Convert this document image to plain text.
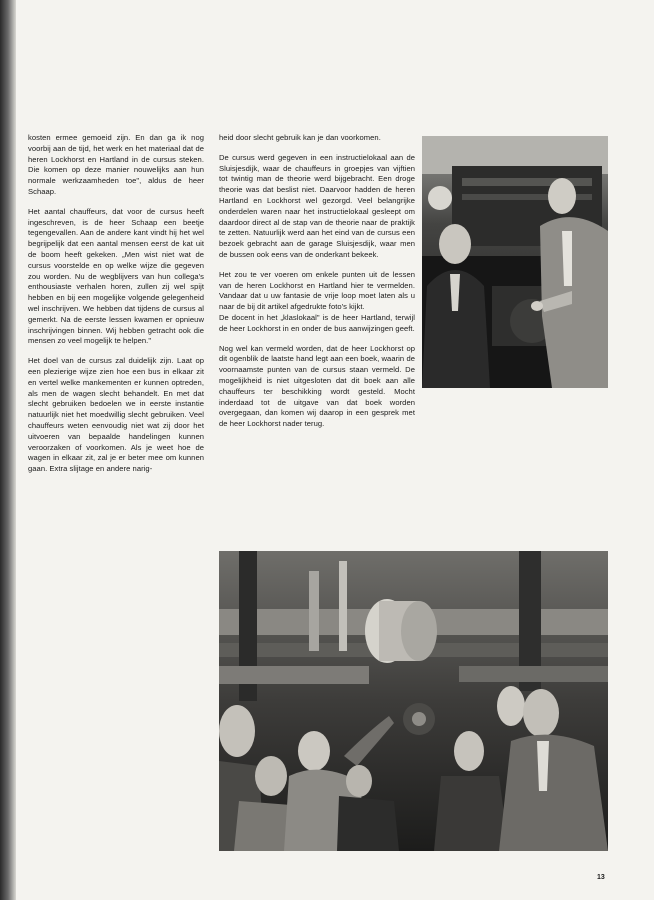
kosten ermee gemoeid zijn. En dan ga ik nog voorbij aan de tijd, het werk en het materiaal dat de heren Lockhorst en Hartland in de cursus steken. Die komen op deze manier nouwelijks aan hun normale werkzaamheden toe", aldus de heer Schaap.

Het aantal chauffeurs, dat voor de cursus heeft ingeschreven, is de heer Schaap een beetje tegengevallen. Aan de andere kant vindt hij het wel begrijpelijk dat een aantal mensen eerst de kat uit de boom heeft gekeken. „Men wist niet wat de cursus voorstelde en op welke wijze die gegeven zou worden. Nu de wegblijvers van hun collega's enthousiaste verhalen horen, zullen zij wel spijt hebben en bij een mogelijke volgende gelegenheid wel inschrijven. We hebben dat tijdens de cursus al gemerkt. Na de eerste lessen kwamen er opnieuw inschrijvingen binnen. Wij hebben getracht ook die mensen zo veel mogelijk te helpen."

Het doel van de cursus zal duidelijk zijn. Laat op een plezierige wijze zien hoe een bus in elkaar zit en vertel welke mankementen er kunnen optreden, als men de wagen slecht behandelt. En met dat slecht gebruiken bedoelen we in eerste instantie natuurlijk niet het moedwillig slecht gebruiken. Veel chauffeurs weten eenvoudig niet wat zij door het uitvoeren van bepaalde handelingen kunnen veroorzaken of voorkomen. Als je weet hoe de wagen in elkaar zit, zal je er beter mee om kunnen gaan. Extra slijtage en andere narig-

heid door slecht gebruik kan je dan voorkomen.

De cursus werd gegeven in een instructielokaal aan de Sluisjesdijk, waar de chauffeurs in groepjes van vijftien tot twintig man de theorie werd bijgebracht. Een droge theorie was dat beslist niet. Daarvoor hadden de heren Hartland en Lockhorst wel gezorgd. Veel belangrijke onderdelen waren naar het instructielokaal gesleept om daardoor direct al de stap van de theorie naar de praktijk te zetten. Natuurlijk werd aan het eind van de cursus een bezoek gebracht aan de garage Sluisjesdijk, waar men de bussen ook eens van de onderkant bekeek.

Het zou te ver voeren om enkele punten uit de lessen van de heren Lockhorst en Hartland hier te vermelden. Vandaar dat u uw fantasie de vrije loop moet laten als u naar de bij dit artikel afgedrukte foto's kijkt.

De docent in het „klaslokaal" is de heer Hartland, terwijl de heer Lockhorst in en onder de bus aanwijzingen geeft.

Nog wel kan vermeld worden, dat de heer Lockhorst op dit ogenblik de laatste hand legt aan een boek, waarin de voornaamste punten van de cursus staan vermeld. De mogelijkheid is niet uitgesloten dat dit boek aan alle chauffeurs ter beschikking wordt gesteld. Mocht inderdaad tot de uitgave van dat boek worden overgegaan, dan komen wij daarop in een gesprek met de heer Lockhorst nader terug.

13
